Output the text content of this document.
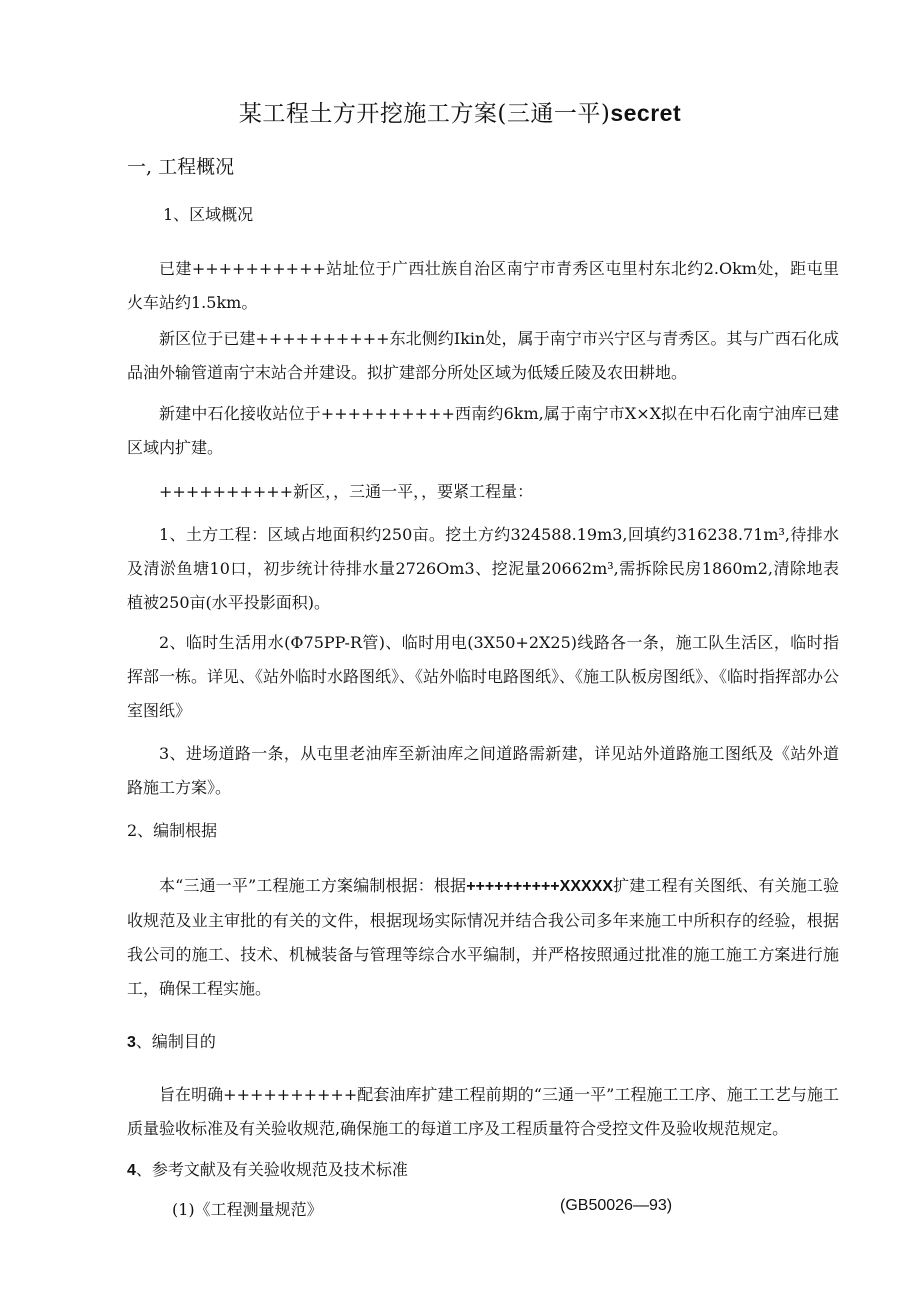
某工程土方开挖施工方案(三通一平)secret
一, 工程概况
1、区域概况
已建++++++++++站址位于广西壮族自治区南宁市青秀区屯里村东北约2.Okm处，距屯里火车站约1.5km。
新区位于已建++++++++++东北侧约Ikin处，属于南宁市兴宁区与青秀区。其与广西石化成品油外输管道南宁末站合并建设。拟扩建部分所处区域为低矮丘陵及农田耕地。
新建中石化接收站位于++++++++++西南约6km,属于南宁市X×X拟在中石化南宁油库已建区域内扩建。
++++++++++新区，，三通一平，，要紧工程量：
1、土方工程：区域占地面积约250亩。挖土方约324588.19m3,回填约316238.71m³,待排水及清淤鱼塘10口，初步统计待排水量2726Om3、挖泥量20662m³,需拆除民房1860m2,清除地表植被250亩(水平投影面积)。
2、临时生活用水(Φ75PP-R管)、临时用电(3X50+2X25)线路各一条，施工队生活区，临时指挥部一栋。详见、《站外临时水路图纸》、《站外临时电路图纸》、《施工队板房图纸》、《临时指挥部办公室图纸》
3、进场道路一条，从屯里老油库至新油库之间道路需新建，详见站外道路施工图纸及《站外道路施工方案》。
2、编制根据
本“三通一平”工程施工方案编制根据：根据++++++++++XXXXX扩建工程有关图纸、有关施工验收规范及业主审批的有关的文件，根据现场实际情况并结合我公司多年来施工中所积存的经验，根据我公司的施工、技术、机械装备与管理等综合水平编制，并严格按照通过批准的施工施工方案进行施工，确保工程实施。
3、编制目的
旨在明确++++++++++配套油库扩建工程前期的“三通一平”工程施工工序、施工工艺与施工质量验收标准及有关验收规范,确保施工的每道工序及工程质量符合受控文件及验收规范规定。
4、参考文献及有关验收规范及技术标准
(1)《工程测量规范》	(GB50026—93)
